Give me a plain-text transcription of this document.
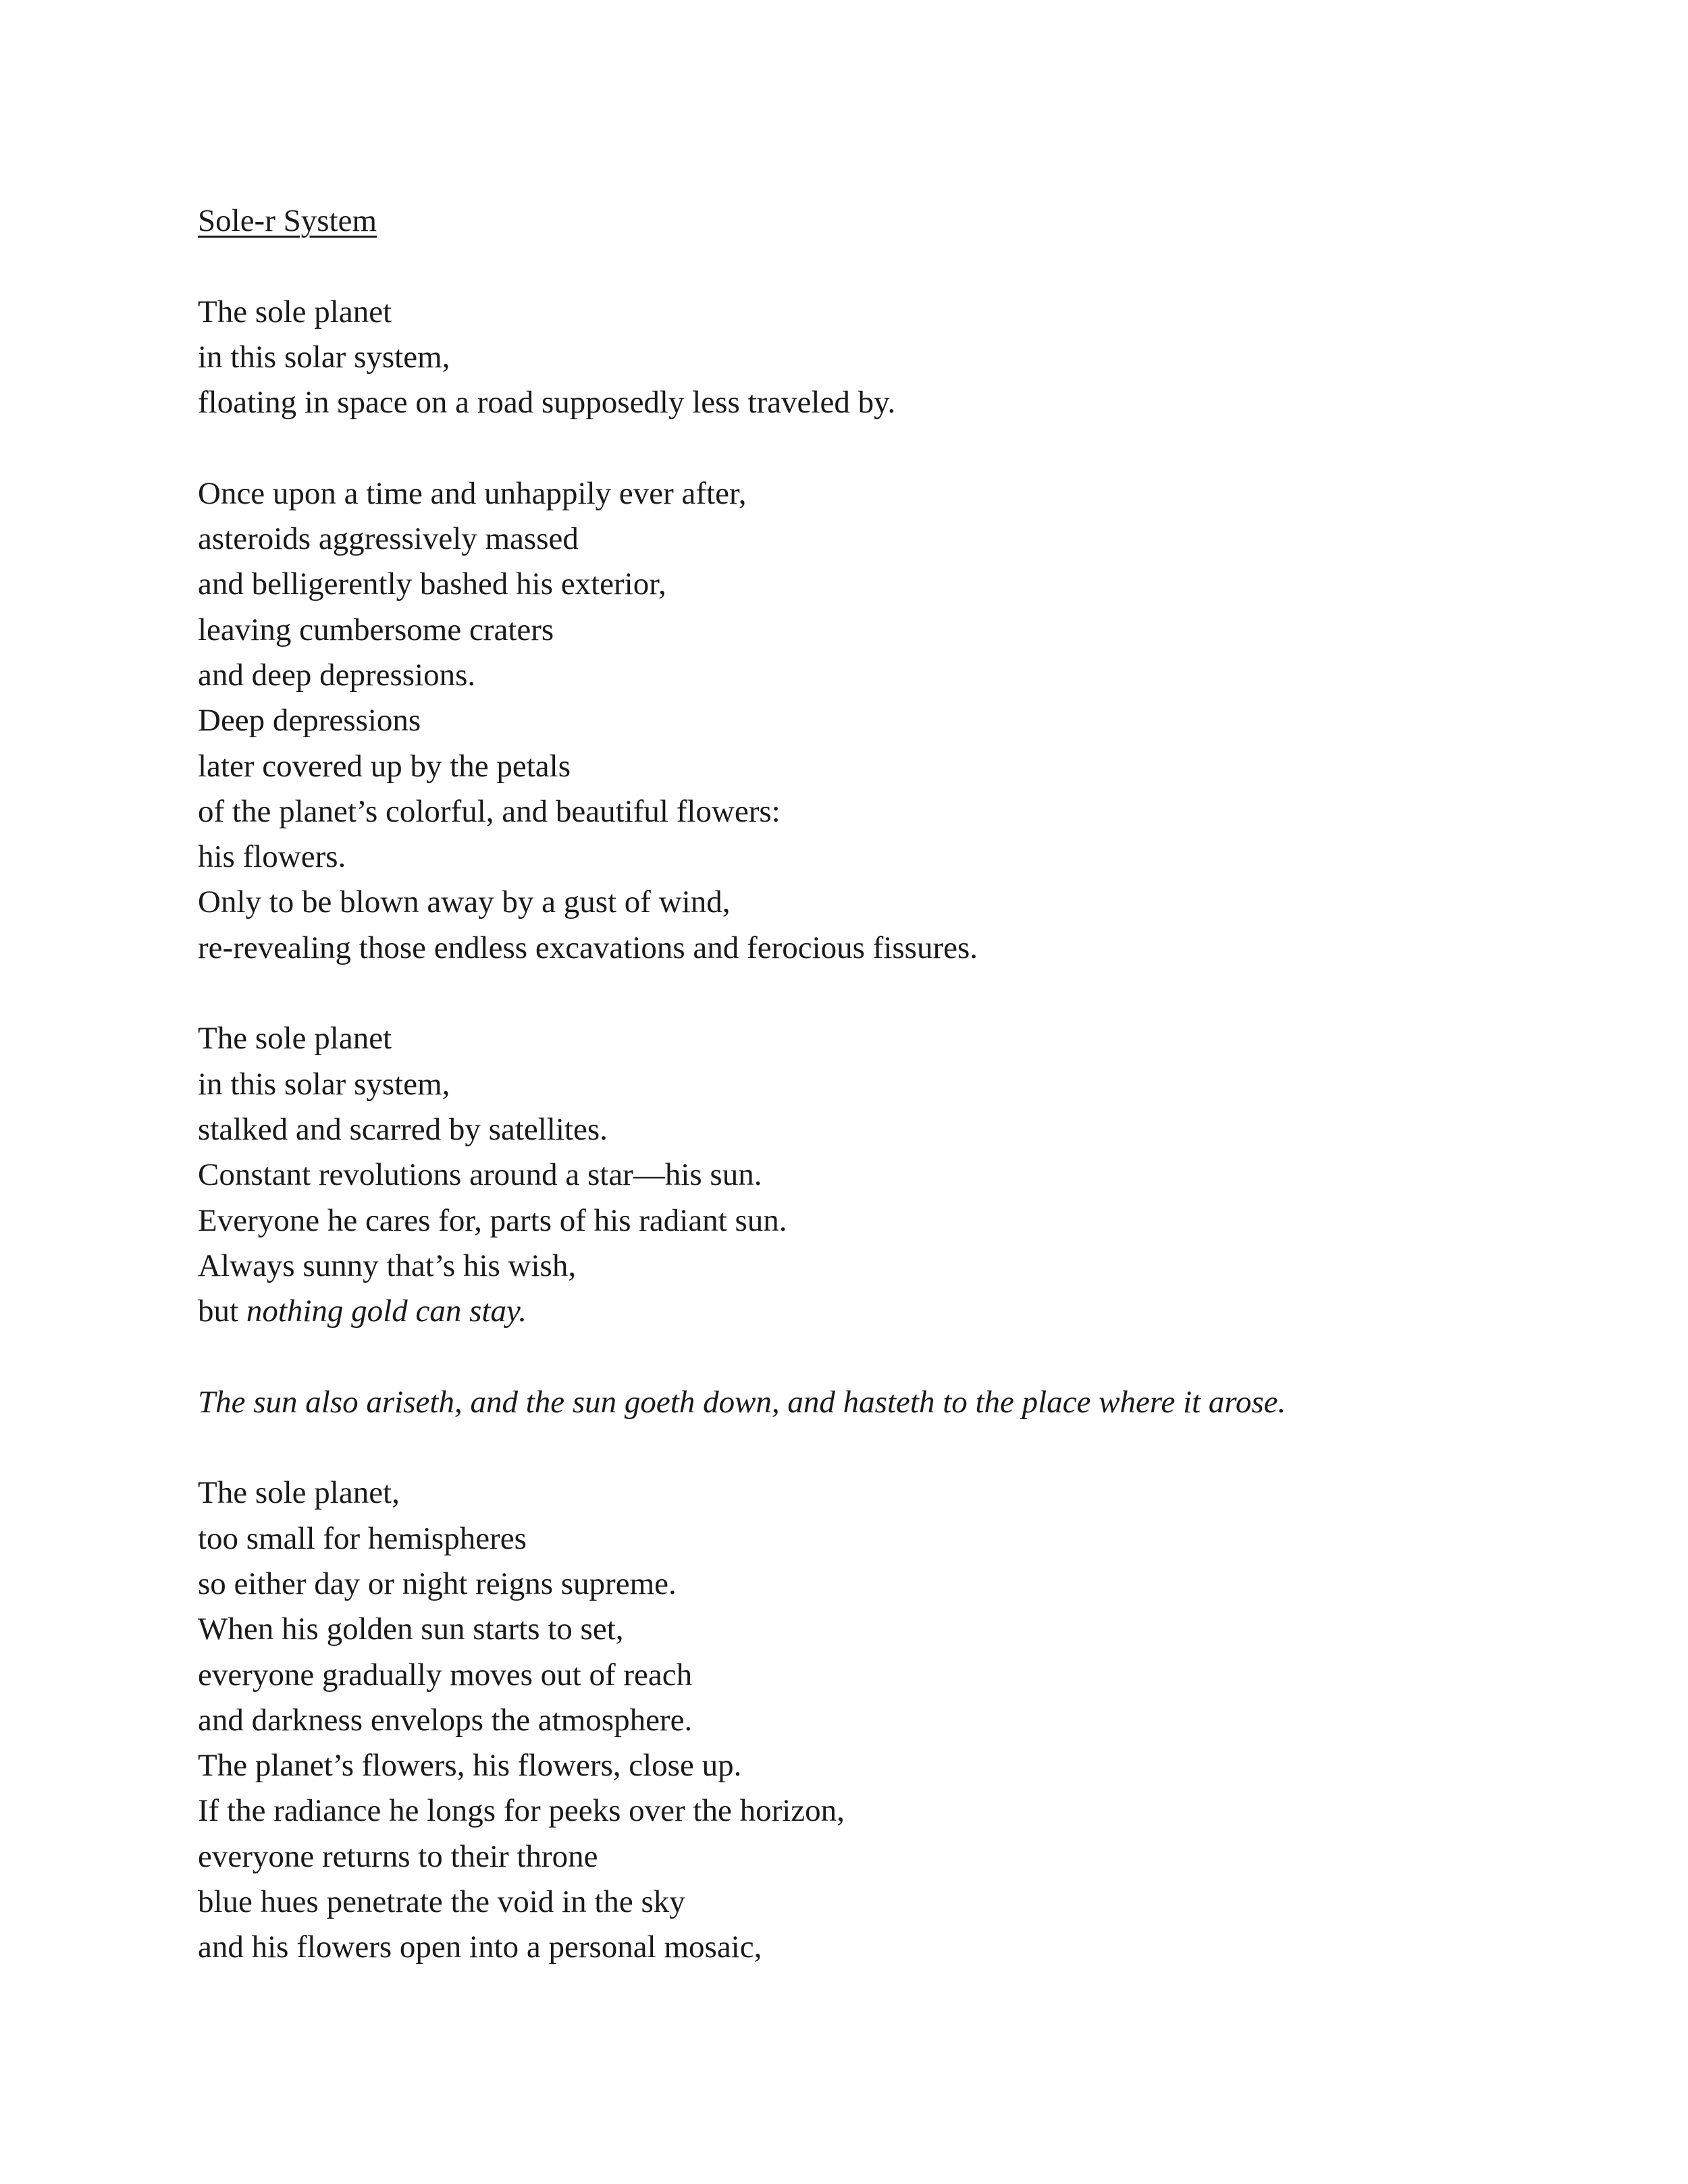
Sole-r System

The sole planet
in this solar system,
floating in space on a road supposedly less traveled by.

Once upon a time and unhappily ever after,
asteroids aggressively massed
and belligerently bashed his exterior,
leaving cumbersome craters
and deep depressions.
Deep depressions
later covered up by the petals
of the planet’s colorful, and beautiful flowers:
his flowers.
Only to be blown away by a gust of wind,
re-revealing those endless excavations and ferocious fissures.

The sole planet
in this solar system,
stalked and scarred by satellites.
Constant revolutions around a star—his sun.
Everyone he cares for, parts of his radiant sun.
Always sunny that’s his wish,
but nothing gold can stay.

The sun also ariseth, and the sun goeth down, and hasteth to the place where it arose.

The sole planet,
too small for hemispheres
so either day or night reigns supreme.
When his golden sun starts to set,
everyone gradually moves out of reach
and darkness envelops the atmosphere.
The planet’s flowers, his flowers, close up.
If the radiance he longs for peeks over the horizon,
everyone returns to their throne
blue hues penetrate the void in the sky
and his flowers open into a personal mosaic,
